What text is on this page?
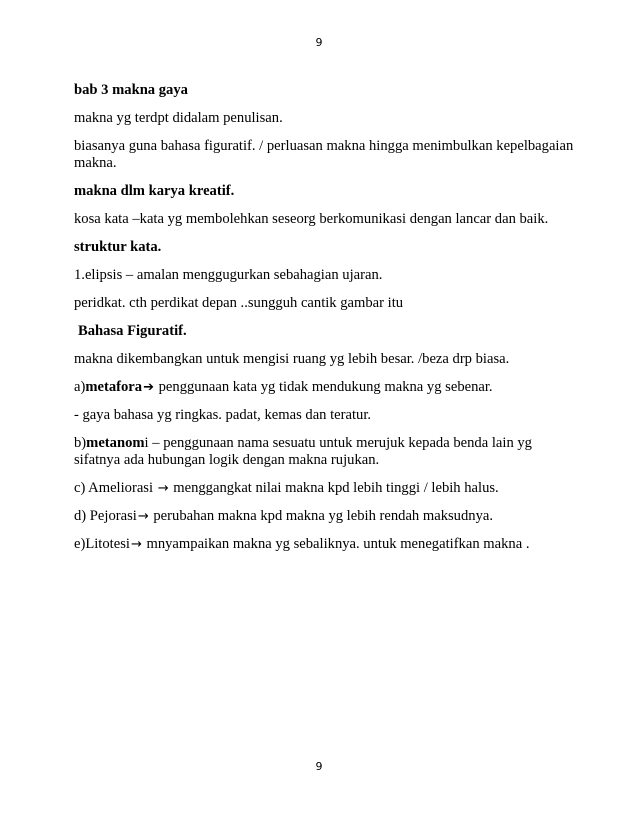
9

bab 3 makna gaya

makna yg terdpt didalam penulisan.

biasanya guna bahasa figuratif. / perluasan makna hingga menimbulkan kepelbagaian makna.

makna dlm karya kreatif.

kosa kata –kata yg membolehkan seseorg berkomunikasi dengan lancar dan baik.

struktur kata.

1.elipsis – amalan menggugurkan sebahagian ujaran.

peridkat. cth perdikat depan ..sungguh cantik gambar itu

Bahasa Figuratif.

makna dikembangkan untuk mengisi ruang yg lebih besar. /beza drp biasa.

a)metafora➔ penggunaan kata yg tidak mendukung makna yg sebenar.

- gaya bahasa yg ringkas. padat, kemas dan teratur.

b)metanomi – penggunaan nama sesuatu untuk merujuk kepada benda lain yg sifatnya ada hubungan logik dengan makna rujukan.

c) Ameliorasi → menggangkat nilai makna kpd lebih tinggi / lebih halus.

d) Pejorasi→ perubahan makna kpd makna yg lebih rendah maksudnya.

e)Litotesi→ mnyampaikan makna yg sebaliknya. untuk menegatifkan makna .

9
